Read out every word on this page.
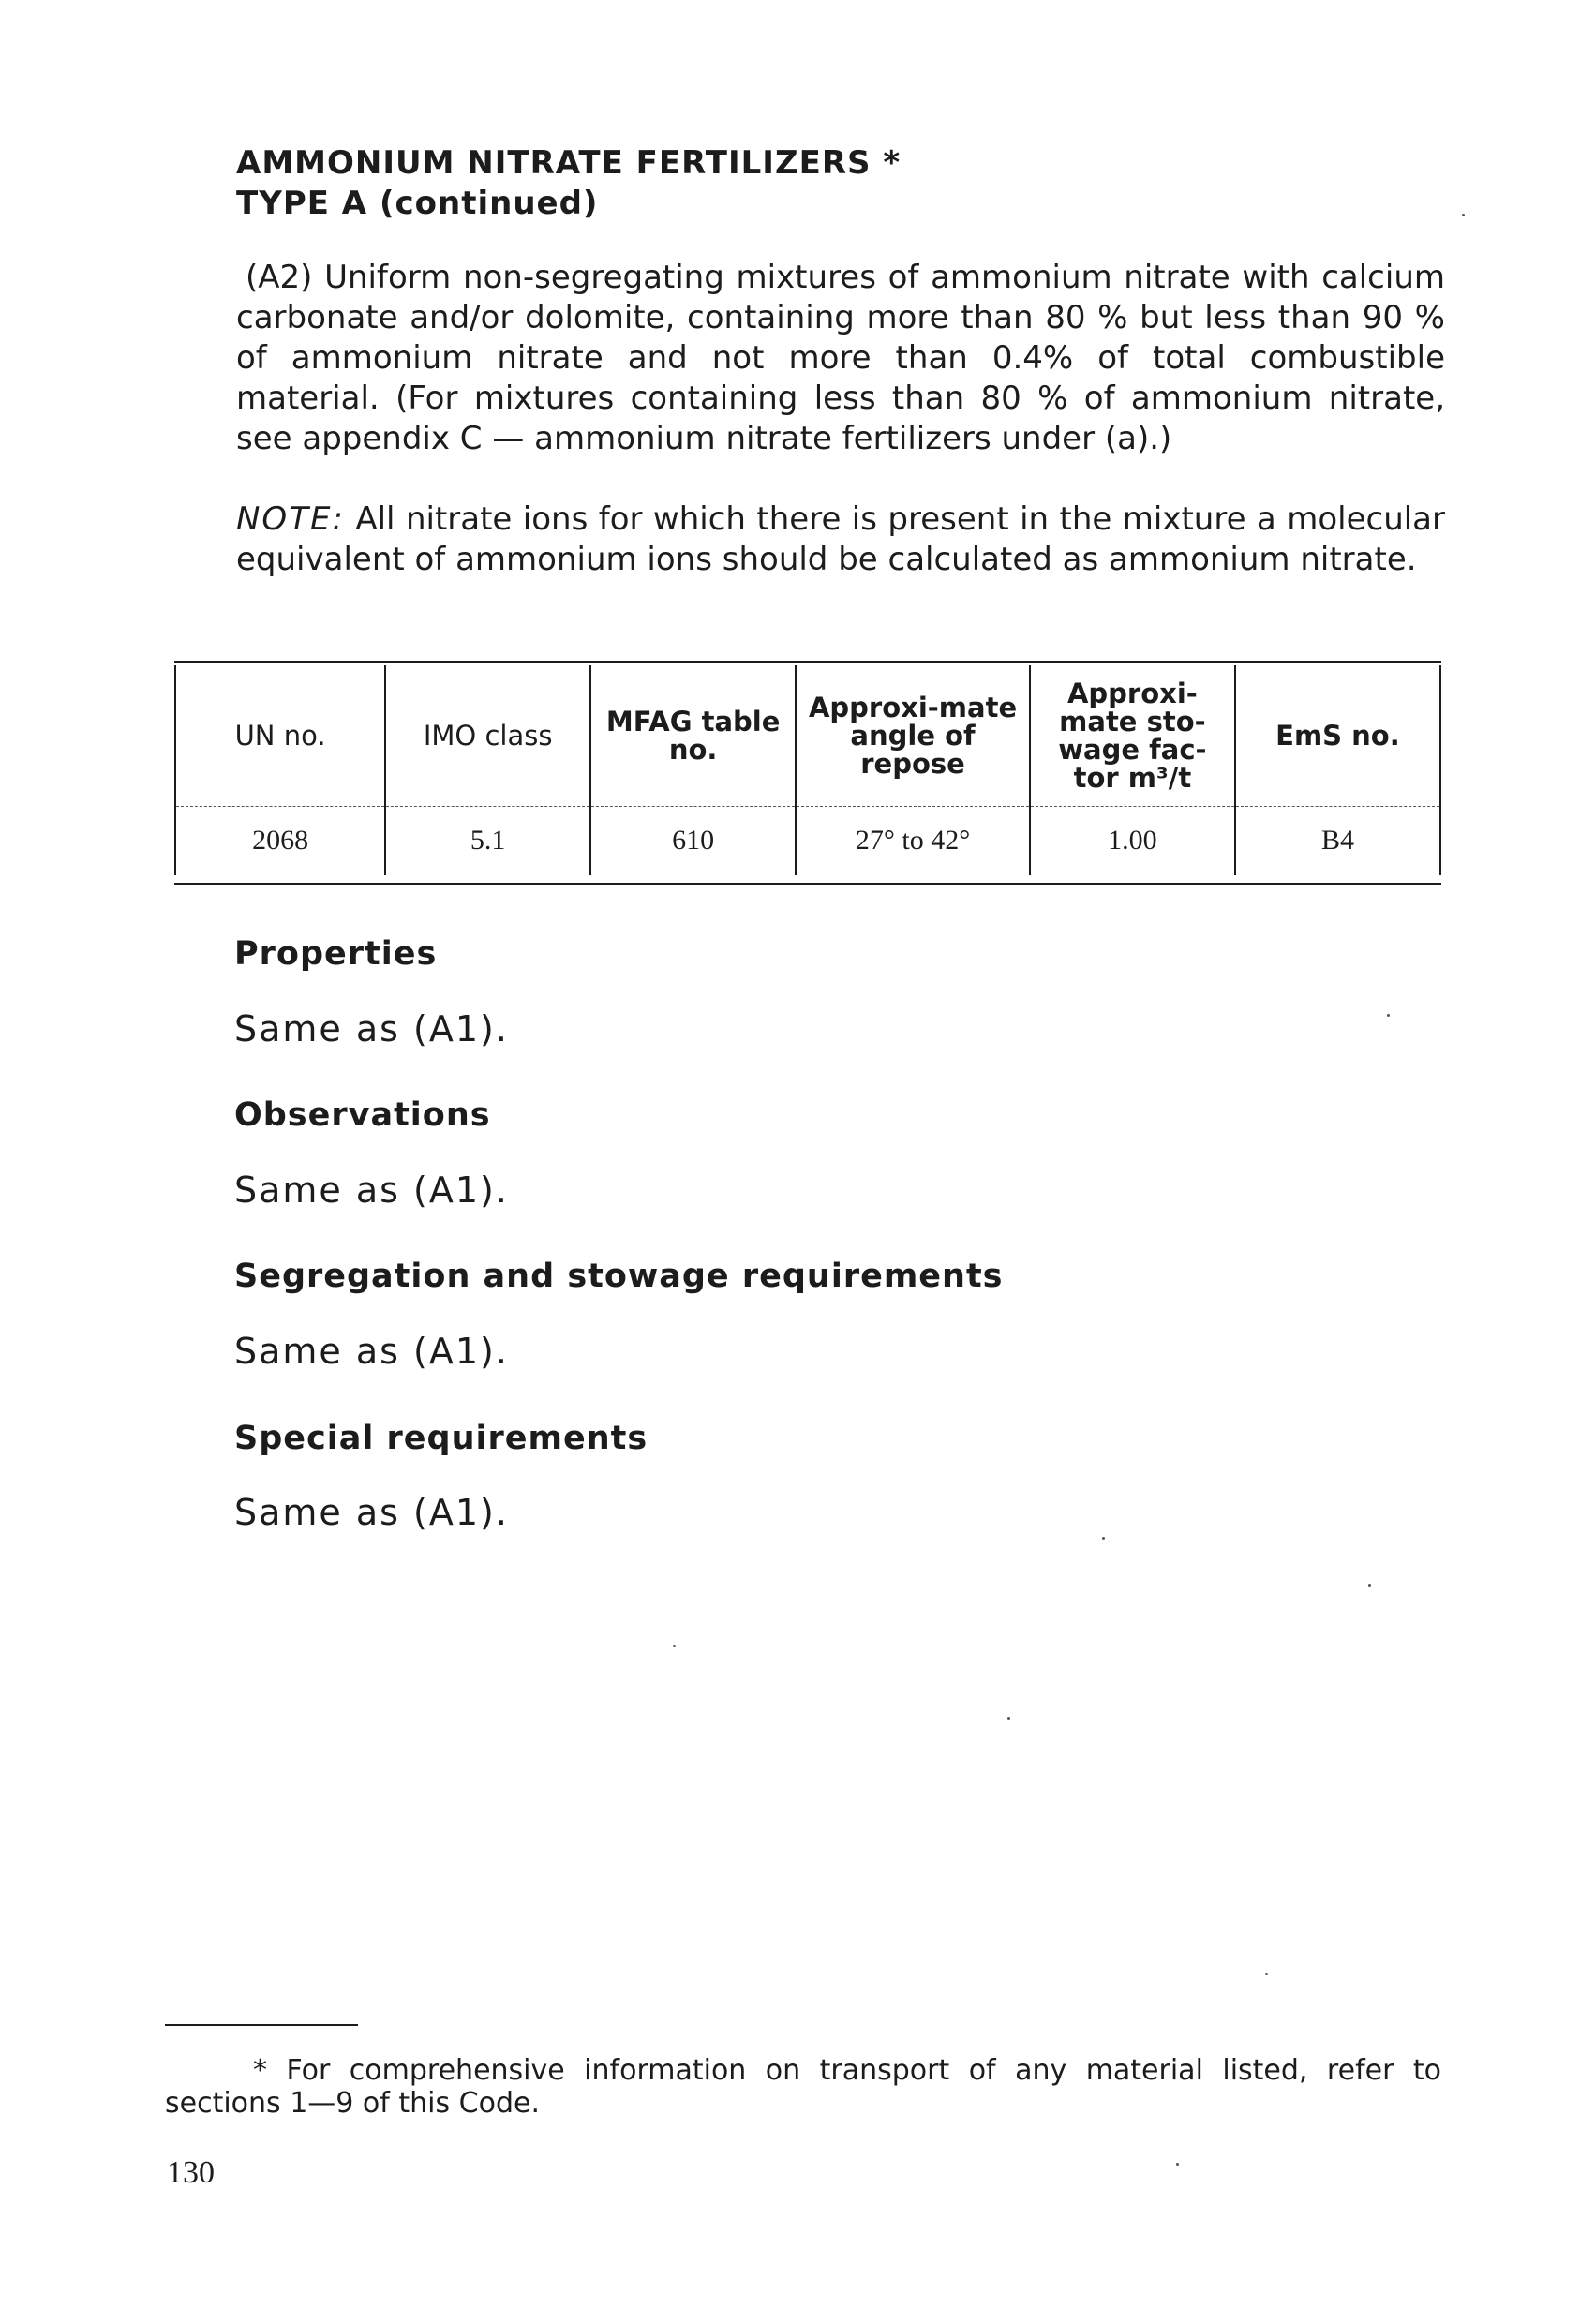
AMMONIUM NITRATE FERTILIZERS *
TYPE A (continued)
(A2) Uniform non-segregating mixtures of ammonium nitrate with calcium carbonate and/or dolomite, containing more than 80 % but less than 90 % of ammonium nitrate and not more than 0.4% of total combustible material. (For mixtures containing less than 80 % of ammonium nitrate, see appendix C — ammonium nitrate fertilizers under (a).)
NOTE: All nitrate ions for which there is present in the mixture a molecular equivalent of ammonium ions should be calculated as ammonium nitrate.
UN no.	IMO class	MFAG table no.	Approxi-mate angle of repose	Approxi-mate sto-wage fac-tor m³/t	EmS no.
2068	5.1	610	27° to 42°	1.00	B4
Properties
Same as (A1).
Observations
Same as (A1).
Segregation and stowage requirements
Same as (A1).
Special requirements
Same as (A1).
* For comprehensive information on transport of any material listed, refer to sections 1—9 of this Code.
130
